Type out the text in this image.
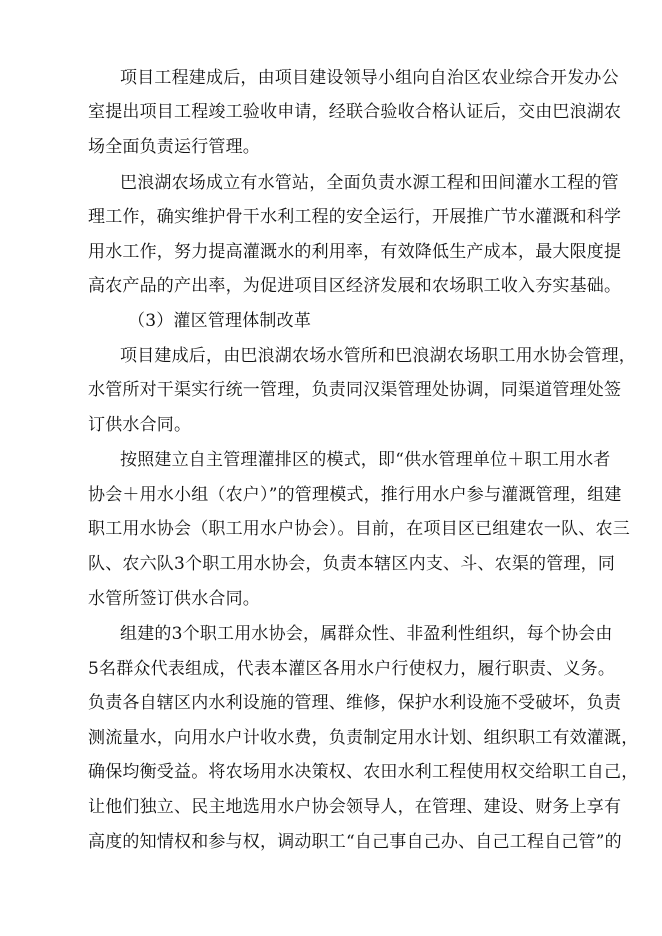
项目工程建成后，由项目建设领导小组向自治区农业综合开发办公
室提出项目工程竣工验收申请，经联合验收合格认证后，交由巴浪湖农
场全面负责运行管理。
巴浪湖农场成立有水管站，全面负责水源工程和田间灌水工程的管
理工作，确实维护骨干水利工程的安全运行，开展推广节水灌溉和科学
用水工作，努力提高灌溉水的利用率，有效降低生产成本，最大限度提
高农产品的产出率，为促进项目区经济发展和农场职工收入夯实基础。
（3）灌区管理体制改革
项目建成后，由巴浪湖农场水管所和巴浪湖农场职工用水协会管理，
水管所对干渠实行统一管理，负责同汉渠管理处协调，同渠道管理处签
订供水合同。
按照建立自主管理灌排区的模式，即“供水管理单位＋职工用水者
协会＋用水小组（农户）”的管理模式，推行用水户参与灌溉管理，组建
职工用水协会（职工用水户协会）。目前，在项目区已组建农一队、农三
队、农六队3个职工用水协会，负责本辖区内支、斗、农渠的管理，同
水管所签订供水合同。
组建的3个职工用水协会，属群众性、非盈利性组织，每个协会由
5名群众代表组成，代表本灌区各用水户行使权力，履行职责、义务。
负责各自辖区内水利设施的管理、维修，保护水利设施不受破坏，负责
测流量水，向用水户计收水费，负责制定用水计划、组织职工有效灌溉，
确保均衡受益。将农场用水决策权、农田水利工程使用权交给职工自己，
让他们独立、民主地选用水户协会领导人，在管理、建设、财务上享有
高度的知情权和参与权，调动职工“自己事自己办、自己工程自己管”的
